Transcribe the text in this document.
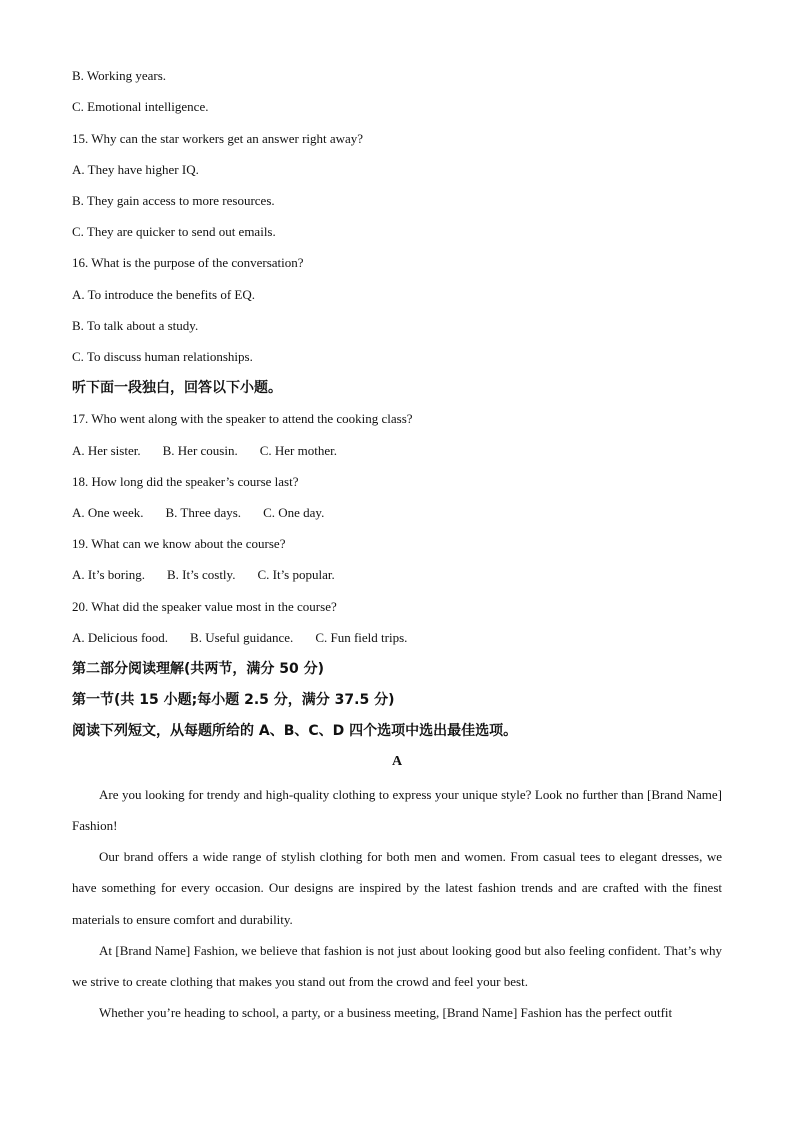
B. Working years.
C. Emotional intelligence.
15. Why can the star workers get an answer right away?
A. They have higher IQ.
B. They gain access to more resources.
C. They are quicker to send out emails.
16. What is the purpose of the conversation?
A. To introduce the benefits of EQ.
B. To talk about a study.
C. To discuss human relationships.
听下面一段独白，回答以下小题。
17. Who went along with the speaker to attend the cooking class?
A. Her sister. B. Her cousin. C. Her mother.
18. How long did the speaker’s course last?
A. One week. B. Three days. C. One day.
19. What can we know about the course?
A. It’s boring. B. It’s costly. C. It’s popular.
20. What did the speaker value most in the course?
A. Delicious food. B. Useful guidance. C. Fun field trips.
第二部分阅读理解(共两节，满分 50 分)
第一节(共 15 小题;每小题 2.5 分，满分 37.5 分)
阅读下列短文，从每题所给的 A、B、C、D 四个选项中选出最佳选项。
A
Are you looking for trendy and high-quality clothing to express your unique style? Look no further than [Brand Name] Fashion!
Our brand offers a wide range of stylish clothing for both men and women. From casual tees to elegant dresses, we have something for every occasion. Our designs are inspired by the latest fashion trends and are crafted with the finest materials to ensure comfort and durability.
At [Brand Name] Fashion, we believe that fashion is not just about looking good but also feeling confident. That’s why we strive to create clothing that makes you stand out from the crowd and feel your best.
Whether you’re heading to school, a party, or a business meeting, [Brand Name] Fashion has the perfect outfit
